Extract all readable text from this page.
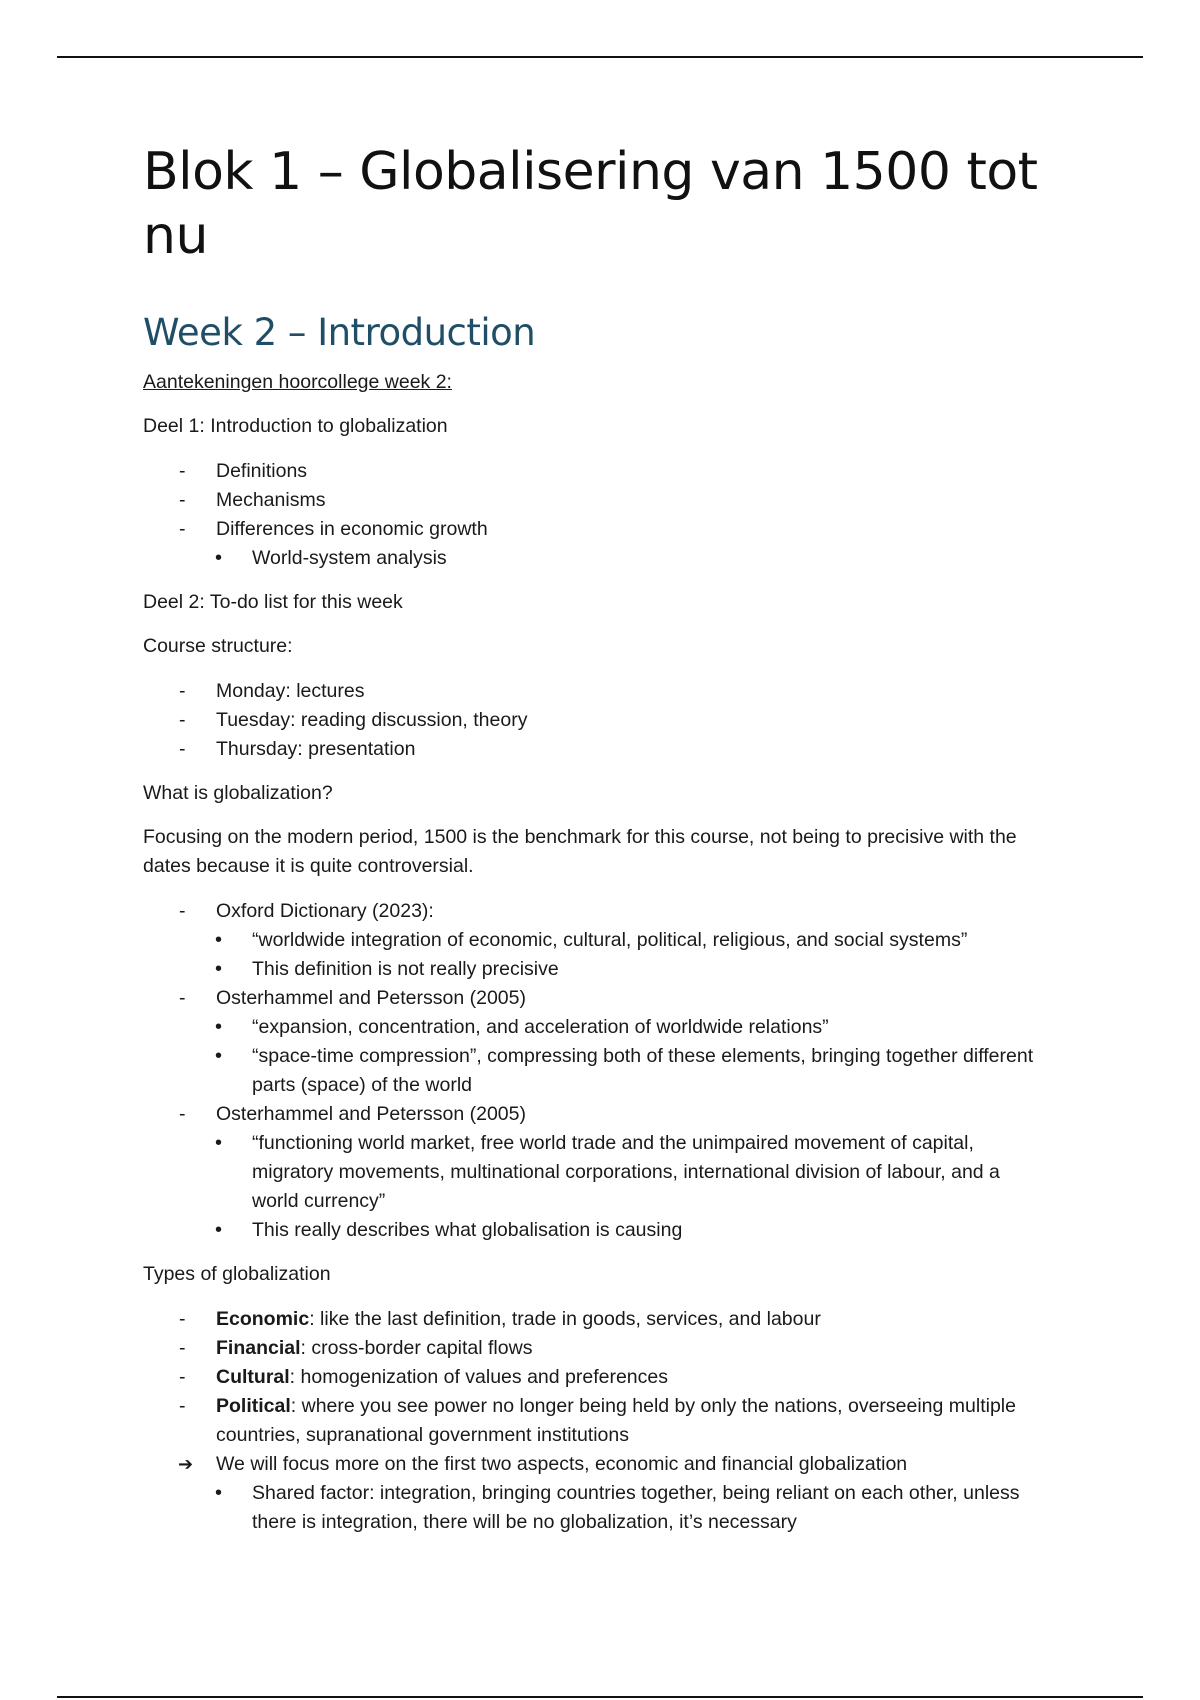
Blok 1 – Globalisering van 1500 tot nu
Week 2 – Introduction

Aantekeningen hoorcollege week 2:

Deel 1: Introduction to globalization

- Definitions
- Mechanisms
- Differences in economic growth
• World-system analysis

Deel 2: To-do list for this week

Course structure:

- Monday: lectures
- Tuesday: reading discussion, theory
- Thursday: presentation

What is globalization?

Focusing on the modern period, 1500 is the benchmark for this course, not being to precisive with the dates because it is quite controversial.

- Oxford Dictionary (2023):
• “worldwide integration of economic, cultural, political, religious, and social systems”
• This definition is not really precisive
- Osterhammel and Petersson (2005)
• “expansion, concentration, and acceleration of worldwide relations”
• “space-time compression”, compressing both of these elements, bringing together different parts (space) of the world
- Osterhammel and Petersson (2005)
• “functioning world market, free world trade and the unimpaired movement of capital, migratory movements, multinational corporations, international division of labour, and a world currency”
• This really describes what globalisation is causing

Types of globalization

- Economic: like the last definition, trade in goods, services, and labour
- Financial: cross-border capital flows
- Cultural: homogenization of values and preferences
- Political: where you see power no longer being held by only the nations, overseeing multiple countries, supranational government institutions
➔ We will focus more on the first two aspects, economic and financial globalization
• Shared factor: integration, bringing countries together, being reliant on each other, unless there is integration, there will be no globalization, it’s necessary
